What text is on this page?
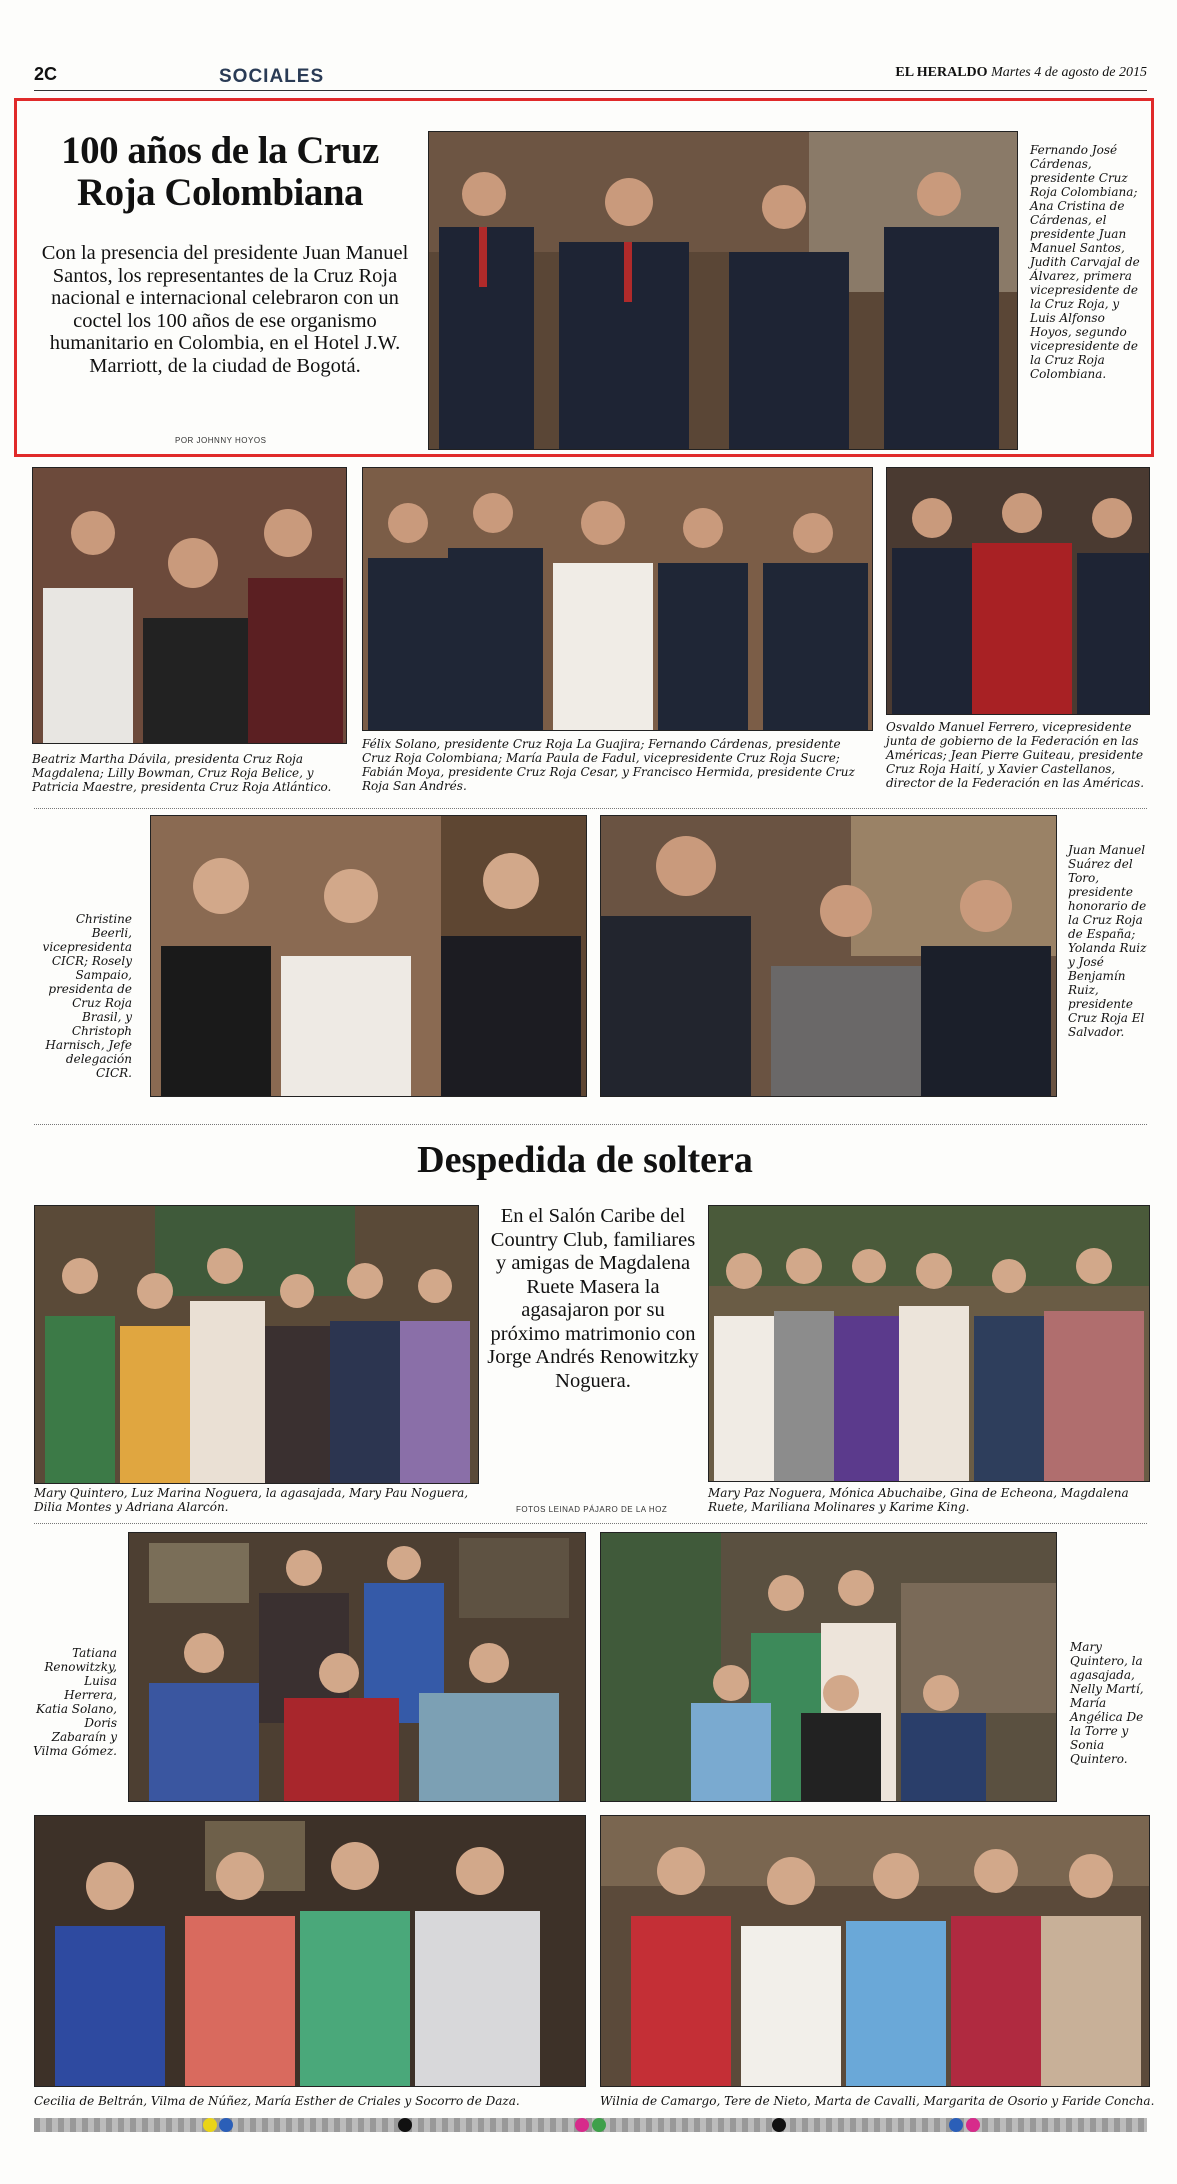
2C	SOCIALES	EL HERALDO Martes 4 de agosto de 2015
100 años de la Cruz Roja Colombiana
Con la presencia del presidente Juan Manuel Santos, los representantes de la Cruz Roja nacional e internacional celebraron con un coctel los 100 años de ese organismo humanitario en Colombia, en el Hotel J.W. Marriott, de la ciudad de Bogotá.
POR JOHNNY HOYOS
Fernando José Cárdenas, presidente Cruz Roja Colombiana; Ana Cristina de Cárdenas, el presidente Juan Manuel Santos, Judith Carvajal de Álvarez, primera vicepresidente de la Cruz Roja, y Luis Alfonso Hoyos, segundo vicepresidente de la Cruz Roja Colombiana.
Beatriz Martha Dávila, presidenta Cruz Roja Magdalena; Lilly Bowman, Cruz Roja Belice, y Patricia Maestre, presidenta Cruz Roja Atlántico.
Félix Solano, presidente Cruz Roja La Guajira; Fernando Cárdenas, presidente Cruz Roja Colombiana; María Paula de Fadul, vicepresidente Cruz Roja Sucre; Fabián Moya, presidente Cruz Roja Cesar, y Francisco Hermida, presidente Cruz Roja San Andrés.
Osvaldo Manuel Ferrero, vicepresidente junta de gobierno de la Federación en las Américas; Jean Pierre Guiteau, presidente Cruz Roja Haití, y Xavier Castellanos, director de la Federación en las Américas.
Christine Beerli, vicepresidenta CICR; Rosely Sampaio, presidenta de Cruz Roja Brasil, y Christoph Harnisch, Jefe delegación CICR.
Juan Manuel Suárez del Toro, presidente honorario de la Cruz Roja de España; Yolanda Ruiz y José Benjamín Ruiz, presidente Cruz Roja El Salvador.
Despedida de soltera
En el Salón Caribe del Country Club, familiares y amigas de Magdalena Ruete Masera la agasajaron por su próximo matrimonio con Jorge Andrés Renowitzky Noguera.
FOTOS LEINAD PÁJARO DE LA HOZ
Mary Quintero, Luz Marina Noguera, la agasajada, Mary Pau Noguera, Dilia Montes y Adriana Alarcón.
Mary Paz Noguera, Mónica Abuchaibe, Gina de Echeona, Magdalena Ruete, Mariliana Molinares y Karime King.
Tatiana Renowitzky, Luisa Herrera, Katia Solano, Doris Zabaraín y Vilma Gómez.
Mary Quintero, la agasajada, Nelly Martí, María Angélica De la Torre y Sonia Quintero.
Cecilia de Beltrán, Vilma de Núñez, María Esther de Criales y Socorro de Daza.	Wilnia de Camargo, Tere de Nieto, Marta de Cavalli, Margarita de Osorio y Faride Concha.
